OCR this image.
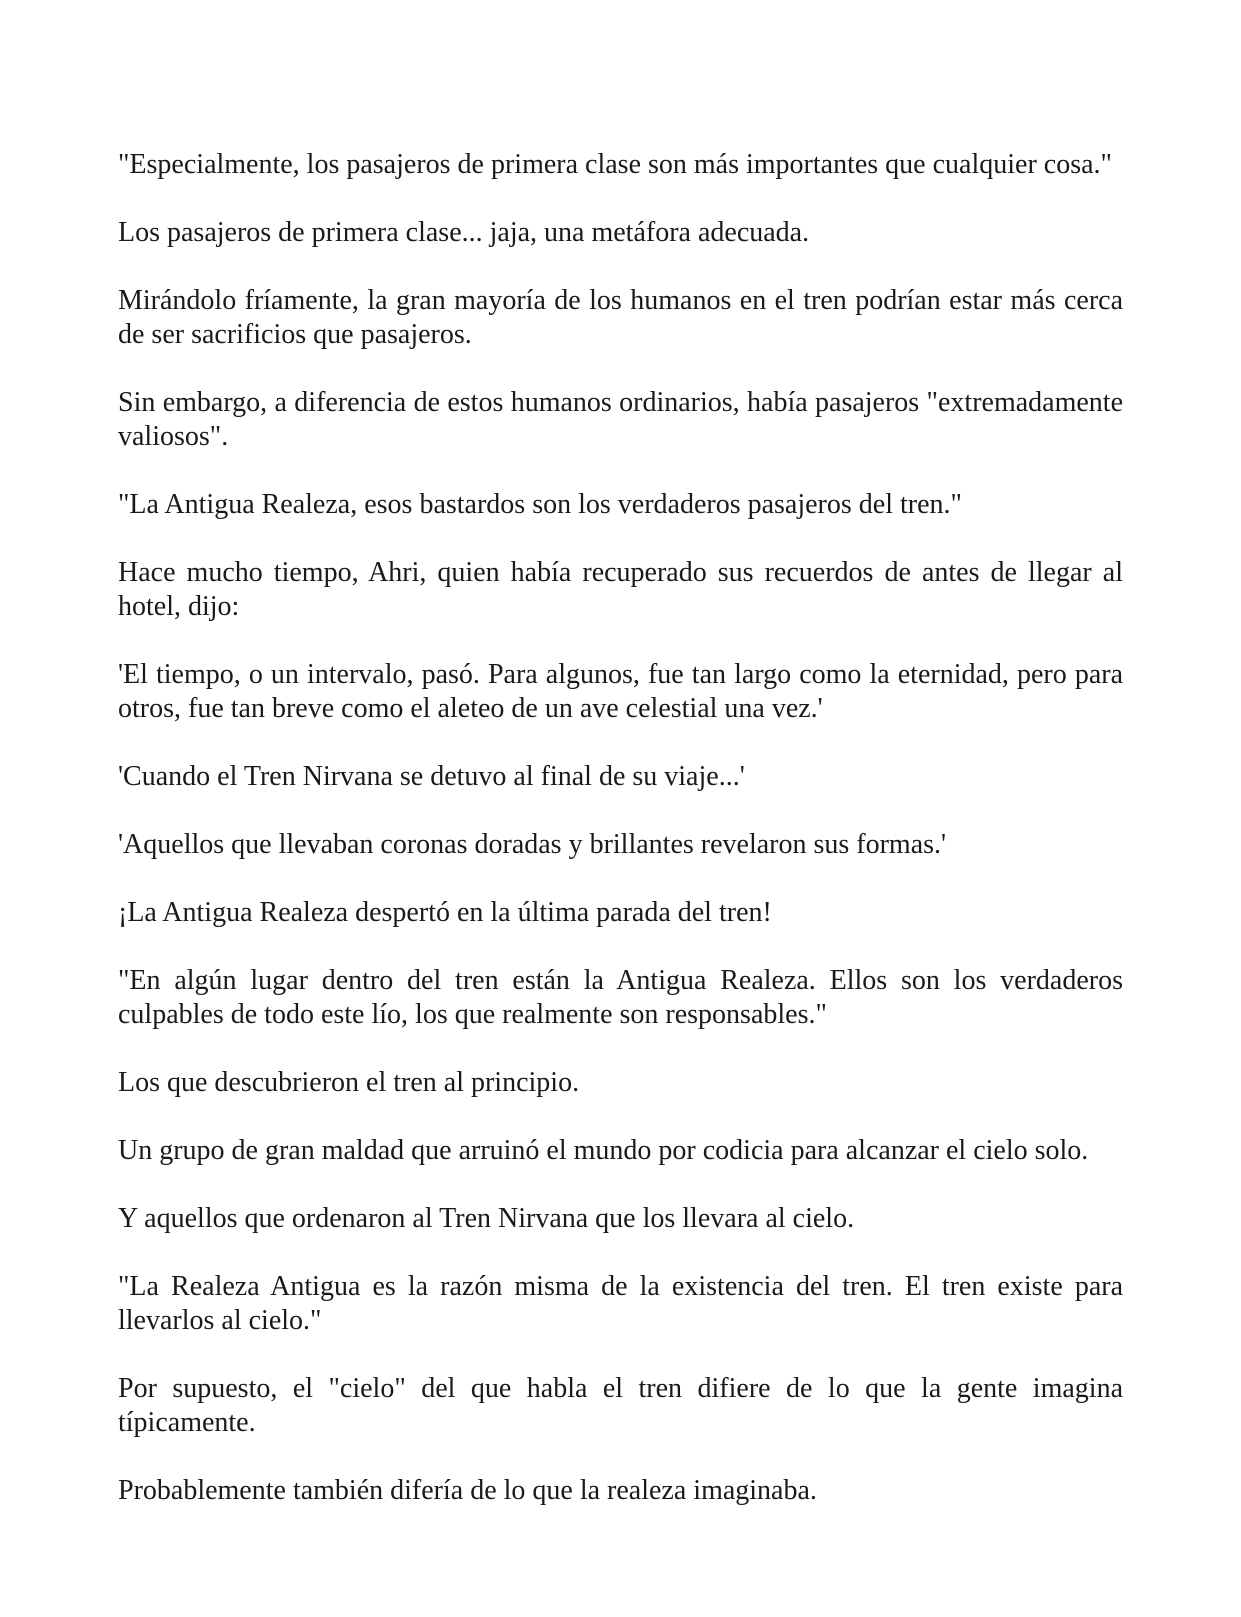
"Especialmente, los pasajeros de primera clase son más importantes que cualquier cosa."

Los pasajeros de primera clase... jaja, una metáfora adecuada.

Mirándolo fríamente, la gran mayoría de los humanos en el tren podrían estar más cerca de ser sacrificios que pasajeros.

Sin embargo, a diferencia de estos humanos ordinarios, había pasajeros "extremadamente valiosos".

"La Antigua Realeza, esos bastardos son los verdaderos pasajeros del tren."

Hace mucho tiempo, Ahri, quien había recuperado sus recuerdos de antes de llegar al hotel, dijo:

'El tiempo, o un intervalo, pasó. Para algunos, fue tan largo como la eternidad, pero para otros, fue tan breve como el aleteo de un ave celestial una vez.'

'Cuando el Tren Nirvana se detuvo al final de su viaje...'

'Aquellos que llevaban coronas doradas y brillantes revelaron sus formas.'

¡La Antigua Realeza despertó en la última parada del tren!

"En algún lugar dentro del tren están la Antigua Realeza. Ellos son los verdaderos culpables de todo este lío, los que realmente son responsables."

Los que descubrieron el tren al principio.

Un grupo de gran maldad que arruinó el mundo por codicia para alcanzar el cielo solo.

Y aquellos que ordenaron al Tren Nirvana que los llevara al cielo.

"La Realeza Antigua es la razón misma de la existencia del tren. El tren existe para llevarlos al cielo."

Por supuesto, el "cielo" del que habla el tren difiere de lo que la gente imagina típicamente.

Probablemente también difería de lo que la realeza imaginaba.
